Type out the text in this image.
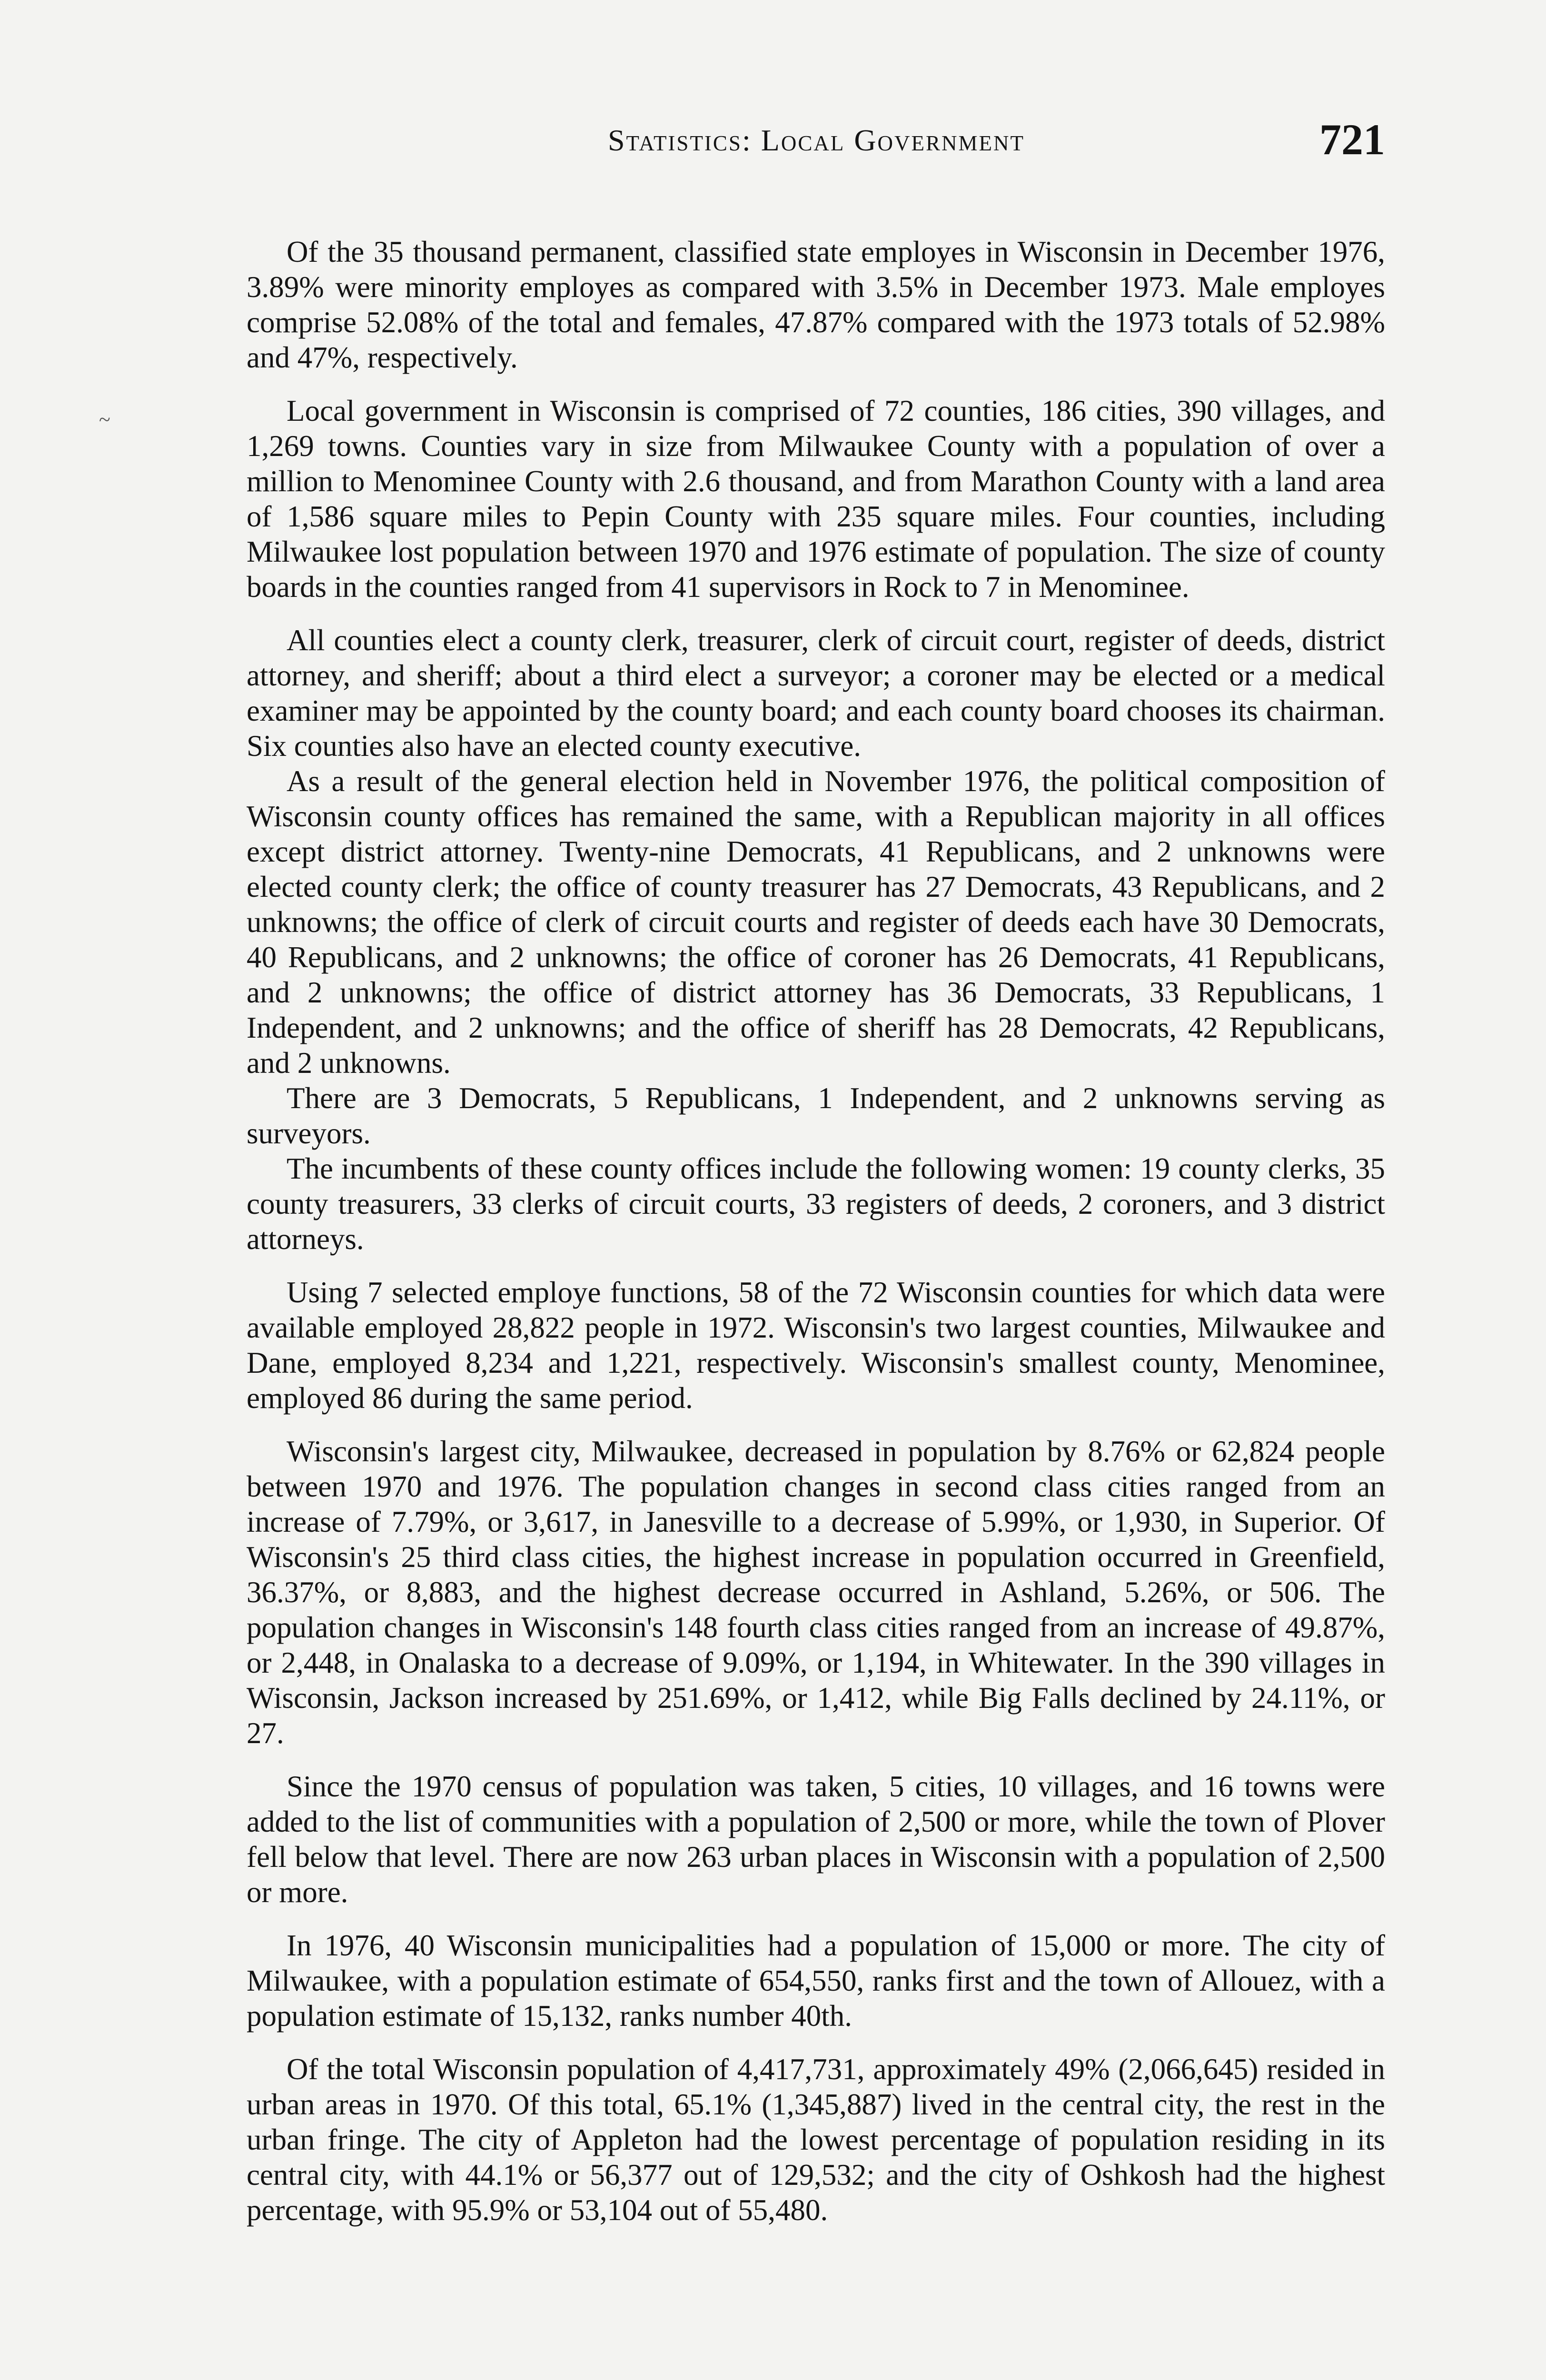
Statistics: Local Government	721
~

Of the 35 thousand permanent, classified state employes in Wisconsin in December 1976, 3.89% were minority employes as compared with 3.5% in December 1973. Male employes comprise 52.08% of the total and females, 47.87% compared with the 1973 totals of 52.98% and 47%, respectively.

Local government in Wisconsin is comprised of 72 counties, 186 cities, 390 villages, and 1,269 towns. Counties vary in size from Milwaukee County with a population of over a million to Menominee County with 2.6 thousand, and from Marathon County with a land area of 1,586 square miles to Pepin County with 235 square miles. Four counties, including Milwaukee lost population between 1970 and 1976 estimate of population. The size of county boards in the counties ranged from 41 supervisors in Rock to 7 in Menominee.

All counties elect a county clerk, treasurer, clerk of circuit court, register of deeds, district attorney, and sheriff; about a third elect a surveyor; a coroner may be elected or a medical examiner may be appointed by the county board; and each county board chooses its chairman. Six counties also have an elected county executive.

As a result of the general election held in November 1976, the political composition of Wisconsin county offices has remained the same, with a Republican majority in all offices except district attorney. Twenty-nine Democrats, 41 Republicans, and 2 unknowns were elected county clerk; the office of county treasurer has 27 Democrats, 43 Republicans, and 2 unknowns; the office of clerk of circuit courts and register of deeds each have 30 Democrats, 40 Republicans, and 2 unknowns; the office of coroner has 26 Democrats, 41 Republicans, and 2 unknowns; the office of district attorney has 36 Democrats, 33 Republicans, 1 Independent, and 2 unknowns; and the office of sheriff has 28 Democrats, 42 Republicans, and 2 unknowns.

There are 3 Democrats, 5 Republicans, 1 Independent, and 2 unknowns serving as surveyors.

The incumbents of these county offices include the following women: 19 county clerks, 35 county treasurers, 33 clerks of circuit courts, 33 registers of deeds, 2 coroners, and 3 district attorneys.

Using 7 selected employe functions, 58 of the 72 Wisconsin counties for which data were available employed 28,822 people in 1972. Wisconsin's two largest counties, Milwaukee and Dane, employed 8,234 and 1,221, respectively. Wisconsin's smallest county, Menominee, employed 86 during the same period.

Wisconsin's largest city, Milwaukee, decreased in population by 8.76% or 62,824 people between 1970 and 1976. The population changes in second class cities ranged from an increase of 7.79%, or 3,617, in Janesville to a decrease of 5.99%, or 1,930, in Superior. Of Wisconsin's 25 third class cities, the highest increase in population occurred in Greenfield, 36.37%, or 8,883, and the highest decrease occurred in Ashland, 5.26%, or 506. The population changes in Wisconsin's 148 fourth class cities ranged from an increase of 49.87%, or 2,448, in Onalaska to a decrease of 9.09%, or 1,194, in Whitewater. In the 390 villages in Wisconsin, Jackson increased by 251.69%, or 1,412, while Big Falls declined by 24.11%, or 27.

Since the 1970 census of population was taken, 5 cities, 10 villages, and 16 towns were added to the list of communities with a population of 2,500 or more, while the town of Plover fell below that level. There are now 263 urban places in Wisconsin with a population of 2,500 or more.

In 1976, 40 Wisconsin municipalities had a population of 15,000 or more. The city of Milwaukee, with a population estimate of 654,550, ranks first and the town of Allouez, with a population estimate of 15,132, ranks number 40th.

Of the total Wisconsin population of 4,417,731, approximately 49% (2,066,645) resided in urban areas in 1970. Of this total, 65.1% (1,345,887) lived in the central city, the rest in the urban fringe. The city of Appleton had the lowest percentage of population residing in its central city, with 44.1% or 56,377 out of 129,532; and the city of Oshkosh had the highest percentage, with 95.9% or 53,104 out of 55,480.
